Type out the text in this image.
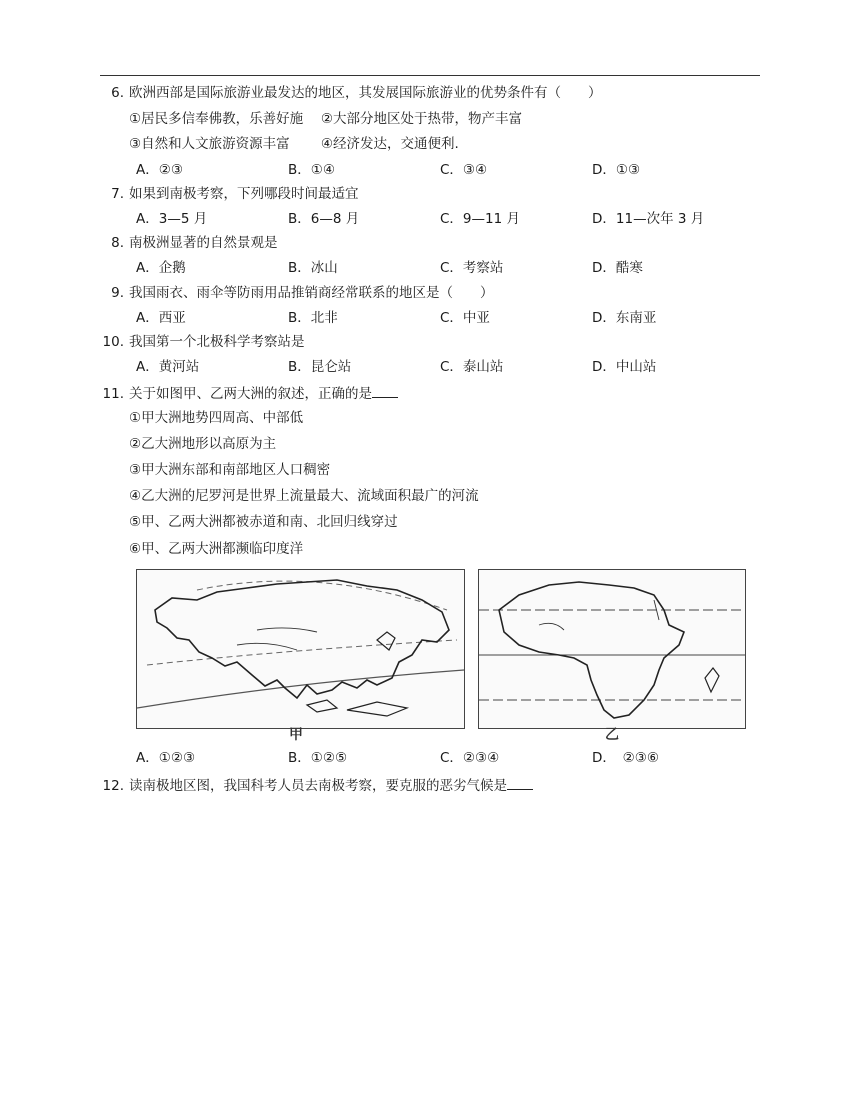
6. 欧洲西部是国际旅游业最发达的地区，其发展国际旅游业的优势条件有（　　）
①居民多信奉佛教，乐善好施　 ②大部分地区处于热带，物产丰富
③自然和人文旅游资源丰富　　 ④经济发达，交通便利.
A．②③	B．①④	C．③④	D．①③
7. 如果到南极考察，下列哪段时间最适宜
A．3—5 月	B．6—8 月	C．9—11 月	D．11—次年 3 月
8. 南极洲显著的自然景观是
A．企鹅	B．冰山	C．考察站	D．酷寒
9. 我国雨衣、雨伞等防雨用品推销商经常联系的地区是（　　）
A．西亚	B．北非	C．中亚	D．东南亚
10. 我国第一个北极科学考察站是
A．黄河站	B．昆仑站	C．泰山站	D．中山站
11. 关于如图甲、乙两大洲的叙述，正确的是
①甲大洲地势四周高、中部低
②乙大洲地形以高原为主
③甲大洲东部和南部地区人口稠密
④乙大洲的尼罗河是世界上流量最大、流域面积最广的河流
⑤甲、乙两大洲都被赤道和南、北回归线穿过
⑥甲、乙两大洲都濒临印度洋
甲	乙
A．①②③	B．①②⑤	C．②③④	D．　②③⑥
12. 读南极地区图，我国科考人员去南极考察，要克服的恶劣气候是
